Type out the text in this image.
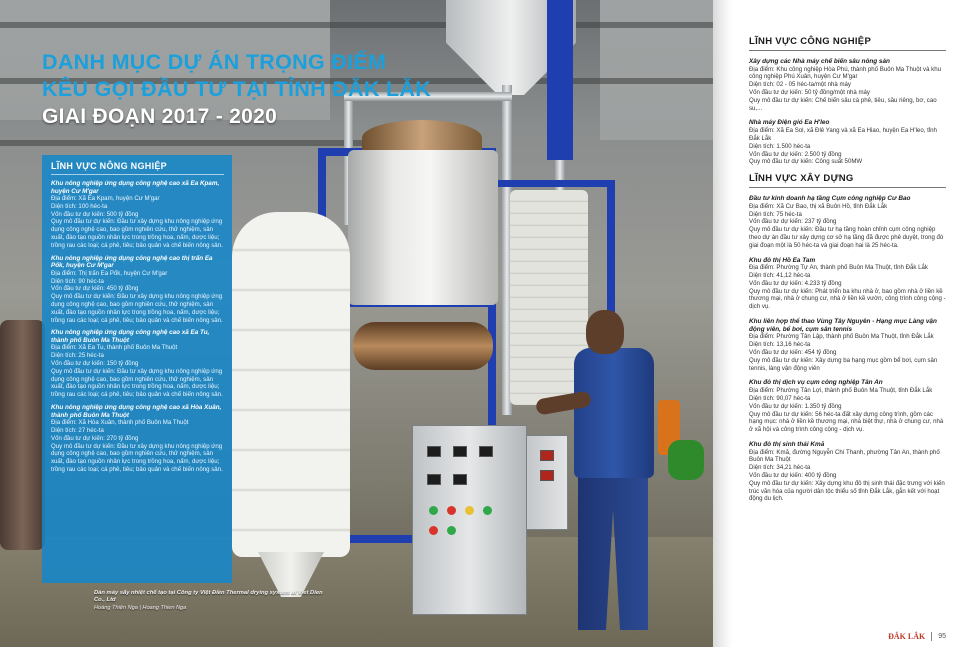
DANH MỤC DỰ ÁN TRỌNG ĐIỂM
KÊU GỌI ĐẦU TƯ TẠI TỈNH ĐẮK LẮK
GIAI ĐOẠN 2017 - 2020
LĨNH VỰC NÔNG NGHIỆP
Khu nông nghiệp ứng dụng công nghệ cao xã Ea Kpam, huyện Cư M'gar
Địa điểm: Xã Ea Kpam, huyện Cư M'gar
Diện tích: 100 héc-ta
Vốn đầu tư dự kiến: 500 tỷ đồng
Quy mô đầu tư dự kiến: Đầu tư xây dựng khu nông nghiệp ứng dụng công nghệ cao, bao gồm nghiên cứu, thử nghiệm, sản xuất, đào tạo nguồn nhân lực trong trồng hoa, nấm, dược liệu; trồng rau các loại; cá phê, tiêu; bảo quản và chế biến nông sản.
Khu nông nghiệp ứng dụng công nghệ cao thị trấn Ea Pốk, huyện Cư M'gar
Địa điểm: Thị trấn Ea Pốk, huyện Cư M'gar
Diện tích: 90 héc-ta
Vốn đầu tư dự kiến: 450 tỷ đồng
Quy mô đầu tư dự kiến: Đầu tư xây dựng khu nông nghiệp ứng dụng công nghệ cao, bao gồm nghiên cứu, thử nghiệm, sản xuất, đào tạo nguồn nhân lực trong trồng hoa, nấm, dược liệu; trồng rau các loại; cá phê, tiêu; bảo quản và chế biến nông sản.
Khu nông nghiệp ứng dụng công nghệ cao xã Ea Tu, thành phố Buôn Ma Thuột
Địa điểm: Xã Ea Tu, thành phố Buôn Ma Thuột
Diện tích: 25 héc-ta
Vốn đầu tư dự kiến: 150 tỷ đồng
Quy mô đầu tư dự kiến: Đầu tư xây dựng khu nông nghiệp ứng dụng công nghệ cao, bao gồm nghiên cứu, thử nghiệm, sản xuất, đào tạo nguồn nhân lực trong trồng hoa, nấm, dược liệu; trồng rau các loại; cá phê, tiêu; bảo quản và chế biến nông sản.
Khu nông nghiệp ứng dụng công nghệ cao xã Hòa Xuân, thành phố Buôn Ma Thuột
Địa điểm: Xã Hòa Xuân, thành phố Buôn Ma Thuột
Diện tích: 27 héc-ta
Vốn đầu tư dự kiến: 270 tỷ đồng
Quy mô đầu tư dự kiến: Đầu tư xây dựng khu nông nghiệp ứng dụng công nghệ cao, bao gồm nghiên cứu, thử nghiệm, sản xuất, đào tạo nguồn nhân lực trong trồng hoa, nấm, dược liệu; trồng rau các loại; cá phê, tiêu; bảo quản và chế biến nông sản.
Dàn máy sấy nhiệt chế tạo tại Công ty Việt Điền Thermal drying system at Viet Dien Co., Ltd
Hoàng Thiện Nga | Hoang Thien Nga
LĨNH VỰC CÔNG NGHIỆP
Xây dựng các Nhà máy chế biến sâu nông sản
Địa điểm: Khu công nghiệp Hòa Phú, thành phố Buôn Ma Thuột và khu công nghiệp Phú Xuân, huyện Cư M'gar
Diện tích: 02 - 05 héc-ta/một nhà máy
Vốn đầu tư dự kiến: 50 tỷ đồng/một nhà máy
Quy mô đầu tư dự kiến: Chế biến sâu cà phê, tiêu, sầu riêng, bơ, cao su,...
Nhà máy Điện gió Ea H'leo
Địa điểm: Xã Ea Sol, xã Đlê Yang và xã Ea Hiao, huyện Ea H'leo, tỉnh Đắk Lắk
Diện tích: 1.500 héc-ta
Vốn đầu tư dự kiến: 2.500 tỷ đồng
Quy mô đầu tư dự kiến: Công suất 50MW
LĨNH VỰC XÂY DỰNG
Đầu tư kinh doanh hạ tầng Cụm công nghiệp Cư Bao
Địa điểm: Xã Cư Bao, thị xã Buôn Hồ, tỉnh Đắk Lắk
Diện tích: 75 héc-ta
Vốn đầu tư dự kiến: 237 tỷ đồng
Quy mô đầu tư dự kiến: Đầu tư hạ tầng hoàn chỉnh cụm công nghiệp theo dự án đầu tư xây dựng cơ sở hạ tầng đã được phê duyệt, trong đó giai đoạn một là 50 héc-ta và giai đoạn hai là 25 héc-ta.
Khu đô thị Hồ Ea Tam
Địa điểm: Phường Tự An, thành phố Buôn Ma Thuột, tỉnh Đắk Lắk
Diện tích: 41,12 héc-ta
Vốn đầu tư dự kiến: 4.233 tỷ đồng
Quy mô đầu tư dự kiến: Phát triển ba khu nhà ở, bao gồm nhà ở liền kề thương mại, nhà ở chung cư, nhà ở liền kề vườn, công trình công cộng - dịch vụ.
Khu liên hợp thể thao Vùng Tây Nguyên - Hạng mục Làng vận động viên, bể bơi, cụm sân tennis
Địa điểm: Phường Tân Lập, thành phố Buôn Ma Thuột, tỉnh Đắk Lắk
Diện tích: 13,16 héc-ta
Vốn đầu tư dự kiến: 454 tỷ đồng
Quy mô đầu tư dự kiến: Xây dựng ba hạng mục gồm bể bơi, cụm sân tennis, làng vận động viên
Khu đô thị dịch vụ cụm công nghiệp Tân An
Địa điểm: Phường Tân Lợi, thành phố Buôn Ma Thuột, tỉnh Đắk Lắk
Diện tích: 90,07 héc-ta
Vốn đầu tư dự kiến: 1.350 tỷ đồng
Quy mô đầu tư dự kiến: 56 héc-ta đất xây dựng công trình, gồm các hạng mục: nhà ở liền kề thương mại, nhà biệt thự, nhà ở chung cư, nhà ở xã hội và công trình công cộng - dịch vụ.
Khu đô thị sinh thái Kmă
Địa điểm: Kmă, đường Nguyễn Chí Thanh, phường Tân An, thành phố Buôn Ma Thuột
Diện tích: 34,21 héc-ta
Vốn đầu tư dự kiến: 400 tỷ đồng
Quy mô đầu tư dự kiến: Xây dựng khu đô thị sinh thái đặc trưng với kiến trúc văn hóa của người dân tộc thiểu số tỉnh Đắk Lắk, gắn kết với hoạt động du lịch.
ĐẮK LẮK 95
